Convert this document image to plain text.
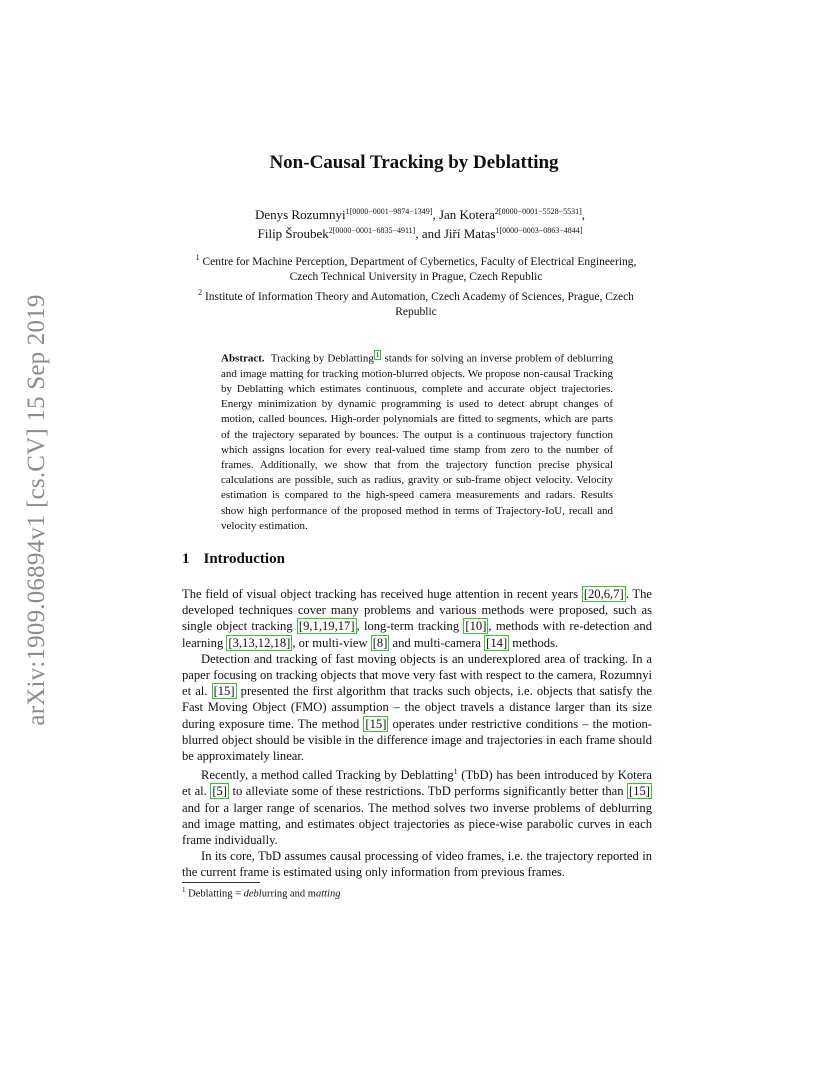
arXiv:1909.06894v1 [cs.CV] 15 Sep 2019
Non-Causal Tracking by Deblatting
Denys Rozumnyi$^{1[0000-0001-9874-1349]}$, Jan Kotera$^{2[0000-0001-5528-5531]}$,
Filip Šroubek$^{2[0000-0001-6835-4911]}$, and Jiří Matas$^{1[0000-0003-0863-4844]}$
$^1$ Centre for Machine Perception, Department of Cybernetics, Faculty of Electrical Engineering, Czech Technical University in Prague, Czech Republic
$^2$ Institute of Information Theory and Automation, Czech Academy of Sciences, Prague, Czech Republic
Abstract. Tracking by Deblatting $^1$ stands for solving an inverse problem of deblurring and image matting for tracking motion-blurred objects. We propose non-causal Tracking by Deblatting which estimates continuous, complete and accurate object trajectories. Energy minimization by dynamic programming is used to detect abrupt changes of motion, called bounces. High-order polynomials are fitted to segments, which are parts of the trajectory separated by bounces. The output is a continuous trajectory function which assigns location for every real-valued time stamp from zero to the number of frames. Additionally, we show that from the trajectory function precise physical calculations are possible, such as radius, gravity or sub-frame object velocity. Velocity estimation is compared to the high-speed camera measurements and radars. Results show high performance of the proposed method in terms of Trajectory-IoU, recall and velocity estimation.
1 Introduction

The field of visual object tracking has received huge attention in recent years [20,6,7] . The developed techniques cover many problems and various methods were proposed, such as single object tracking [9,1,19,17] , long-term tracking [10] , methods with re-detection and learning [3,13,12,18] , or multi-view [8] and multi-camera [14] methods.

Detection and tracking of fast moving objects is an underexplored area of tracking. In a paper focusing on tracking objects that move very fast with respect to the camera, Rozumnyi et al. [15] presented the first algorithm that tracks such objects, i.e. objects that satisfy the Fast Moving Object (FMO) assumption – the object travels a distance larger than its size during exposure time. The method [15] operates under restrictive conditions – the motion-blurred object should be visible in the difference image and trajectories in each frame should be approximately linear.

Recently, a method called Tracking by Deblatting$^1$ (TbD) has been introduced by Kotera et al. [5] to alleviate some of these restrictions. TbD performs significantly better than [15] and for a larger range of scenarios. The method solves two inverse problems of deblurring and image matting, and estimates object trajectories as piece-wise parabolic curves in each frame individually.

In its core, TbD assumes causal processing of video frames, i.e. the trajectory reported in the current frame is estimated using only information from previous frames.

$^1$ Deblatting = deblurring and matting
